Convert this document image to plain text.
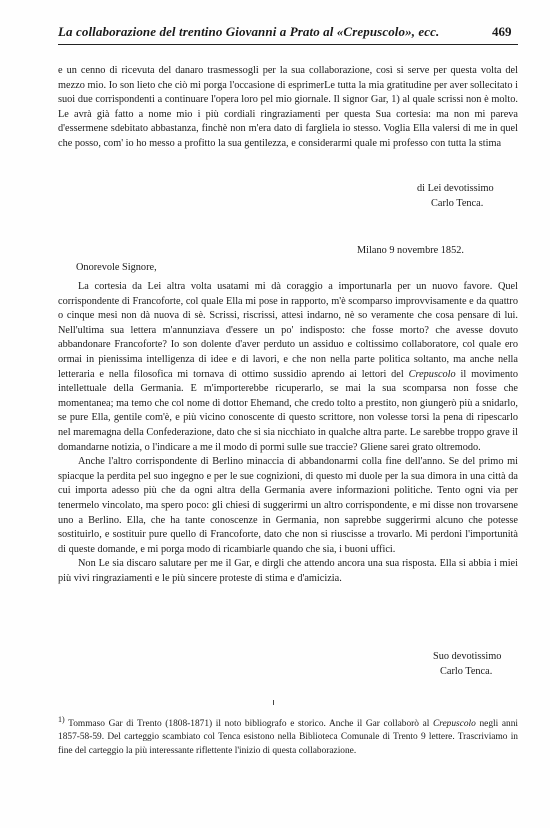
La collaborazione del trentino Giovanni a Prato al «Crepuscolo», ecc.	469

e un cenno di ricevuta del danaro trasmessogli per la sua collaborazione, così si serve per questa volta del mezzo mio. Io son lieto che ciò mi porga l'occasione di esprimerLe tutta la mia gratitudine per aver sollecitato i suoi due corrispondenti a continuare l'opera loro pel mio giornale. Il signor Gar, 1) al quale scrissi non è molto. Le avrà già fatto a nome mio i più cordiali ringraziamenti per questa Sua cortesia: ma non mi pareva d'essermene sdebitato abbastanza, finchè non m'era dato di fargliela io stesso. Voglia Ella valersi di me in quel che posso, com' io ho messo a profitto la sua gentilezza, e considerarmi quale mi professo con tutta la stima

di Lei devotissimo
Carlo Tenca.
Milano 9 novembre 1852.
Onorevole Signore,

La cortesia da Lei altra volta usatami mi dà coraggio a importunarla per un nuovo favore. Quel corrispondente di Francoforte, col quale Ella mi pose in rapporto, m'è scomparso improvvisamente e da quattro o cinque mesi non dà nuova di sè. Scrissi, riscrissi, attesi indarno, nè so veramente che cosa pensare di lui. Nell'ultima sua lettera m'annunziava d'essere un po' indisposto: che fosse morto? che avesse dovuto abbandonare Francoforte? Io son dolente d'aver perduto un assiduo e coltissimo collaboratore, col quale ero ormai in pienissima intelligenza di idee e di lavori, e che non nella parte politica soltanto, ma anche nella letteraria e nella filosofica mi tornava di ottimo sussidio aprendo ai lettori del Crepuscolo il movimento intellettuale della Germania. E m'importerebbe ricuperarlo, se mai la sua scomparsa non fosse che momentanea; ma temo che col nome di dottor Ehemand, che credo tolto a prestito, non giungerò più a snidarlo, se pure Ella, gentile com'è, e più vicino conoscente di questo scrittore, non volesse torsi la pena di ripescarlo nel maremagna della Confederazione, dato che si sia nicchiato in qualche altra parte. Le sarebbe troppo grave il domandarne notizia, o l'indicare a me il modo di pormi sulle sue traccie? Gliene sarei grato oltremodo.

Anche l'altro corrispondente di Berlino minaccia di abbandonarmi colla fine dell'anno. Se del primo mi spiacque la perdita pel suo ingegno e per le sue cognizioni, di questo mi duole per la sua dimora in una città da cui importa adesso più che da ogni altra della Germania avere informazioni politiche. Tento ogni via per tenermelo vincolato, ma spero poco: gli chiesi di suggerirmi un altro corrispondente, e mi disse non trovarsene uno a Berlino. Ella, che ha tante conoscenze in Germania, non saprebbe suggerirmi alcuno che potesse sostituirlo, e sostituir pure quello di Francoforte, dato che non si riuscisse a trovarlo. Mi perdoni l'importunità di queste domande, e mi porga modo di ricambiarle quando che sia, i buoni uffici.

Non Le sia discaro salutare per me il Gar, e dirgli che attendo ancora una sua risposta. Ella si abbia i miei più vivi ringraziamenti e le più sincere proteste di stima e d'amicizia.

Suo devotissimo
Carlo Tenca.

1) Tommaso Gar di Trento (1808-1871) il noto bibliografo e storico. Anche il Gar collaborò al Crepuscolo negli anni 1857-58-59. Del carteggio scambiato col Tenca esistono nella Biblioteca Comunale di Trento 9 lettere. Trascriviamo in fine del carteggio la più interessante riflettente l'inizio di questa collaborazione.
